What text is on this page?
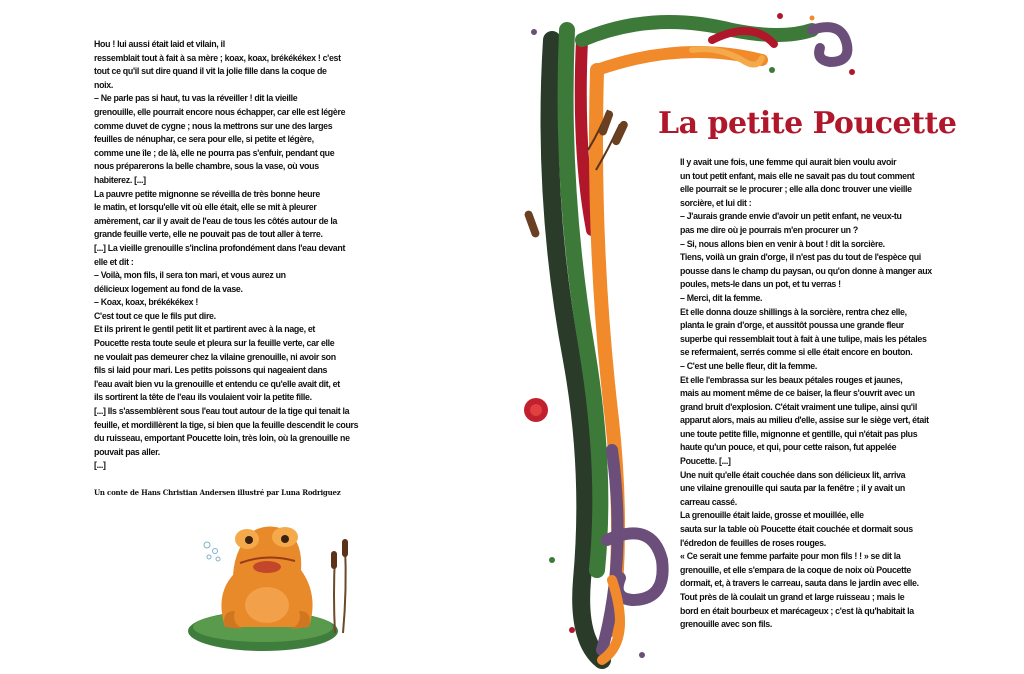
Hou ! lui aussi était laid et vilain, il
ressemblait tout à fait à sa mère ; koax, koax, brékékékex ! c'est
tout ce qu'il sut dire quand il vit la jolie fille dans la coque de
noix.

– Ne parle pas si haut, tu vas la réveiller ! dit la vieille
grenouille, elle pourrait encore nous échapper, car elle est légère
comme duvet de cygne ; nous la mettrons sur une des larges
feuilles de nénuphar, ce sera pour elle, si petite et légère,
comme une île ; de là, elle ne pourra pas s'enfuir, pendant que
nous préparerons la belle chambre, sous la vase, où vous
habiterez. [...]

La pauvre petite mignonne se réveilla de très bonne heure
le matin, et lorsqu'elle vit où elle était, elle se mit à pleurer
amèrement, car il y avait de l'eau de tous les côtés autour de la
grande feuille verte, elle ne pouvait pas de tout aller à terre.

[...] La vieille grenouille s'inclina profondément dans l'eau devant
elle et dit :

– Voilà, mon fils, il sera ton mari, et vous aurez un
délicieux logement au fond de la vase.

– Koax, koax, brékékékex !

C'est tout ce que le fils put dire.

Et ils prirent le gentil petit lit et partirent avec à la nage, et
Poucette resta toute seule et pleura sur la feuille verte, car elle
ne voulait pas demeurer chez la vilaine grenouille, ni avoir son
fils si laid pour mari. Les petits poissons qui nageaient dans
l'eau avait bien vu la grenouille et entendu ce qu'elle avait dit, et
ils sortirent la tête de l'eau ils voulaient voir la petite fille.

[...] Ils s'assemblèrent sous l'eau tout autour de la tige qui tenait la
feuille, et mordillèrent la tige, si bien que la feuille descendit le cours
du ruisseau, emportant Poucette loin, très loin, où la grenouille ne
pouvait pas aller.

[...]

Un conte de Hans Christian Andersen illustré par Luna Rodriguez
La petite Poucette

Il y avait une fois, une femme qui aurait bien voulu avoir
un tout petit enfant, mais elle ne savait pas du tout comment
elle pourrait se le procurer ; elle alla donc trouver une vieille
sorcière, et lui dit :

– J'aurais grande envie d'avoir un petit enfant, ne veux-tu
pas me dire où je pourrais m'en procurer un ?

– Si, nous allons bien en venir à bout ! dit la sorcière.
Tiens, voilà un grain d'orge, il n'est pas du tout de l'espèce qui
pousse dans le champ du paysan, ou qu'on donne à manger aux
poules, mets-le dans un pot, et tu verras !

– Merci, dit la femme.

Et elle donna douze shillings à la sorcière, rentra chez elle,
planta le grain d'orge, et aussitôt poussa une grande fleur
superbe qui ressemblait tout à fait à une tulipe, mais les pétales
se refermaient, serrés comme si elle était encore en bouton.

– C'est une belle fleur, dit la femme.

Et elle l'embrassa sur les beaux pétales rouges et jaunes,
mais au moment même de ce baiser, la fleur s'ouvrit avec un
grand bruit d'explosion. C'était vraiment une tulipe, ainsi qu'il
apparut alors, mais au milieu d'elle, assise sur le siège vert, était
une toute petite fille, mignonne et gentille, qui n'était pas plus
haute qu'un pouce, et qui, pour cette raison, fut appelée
Poucette. [...]

Une nuit qu'elle était couchée dans son délicieux lit, arriva
une vilaine grenouille qui sauta par la fenêtre ; il y avait un
carreau cassé.

La grenouille était laide, grosse et mouillée, elle
sauta sur la table où Poucette était couchée et dormait sous
l'édredon de feuilles de roses rouges.

« Ce serait une femme parfaite pour mon fils ! ! » se dit la
grenouille, et elle s'empara de la coque de noix où Poucette
dormait, et, à travers le carreau, sauta dans le jardin avec elle.

Tout près de là coulait un grand et large ruisseau ; mais le
bord en était bourbeux et marécageux ; c'est là qu'habitait la
grenouille avec son fils.
